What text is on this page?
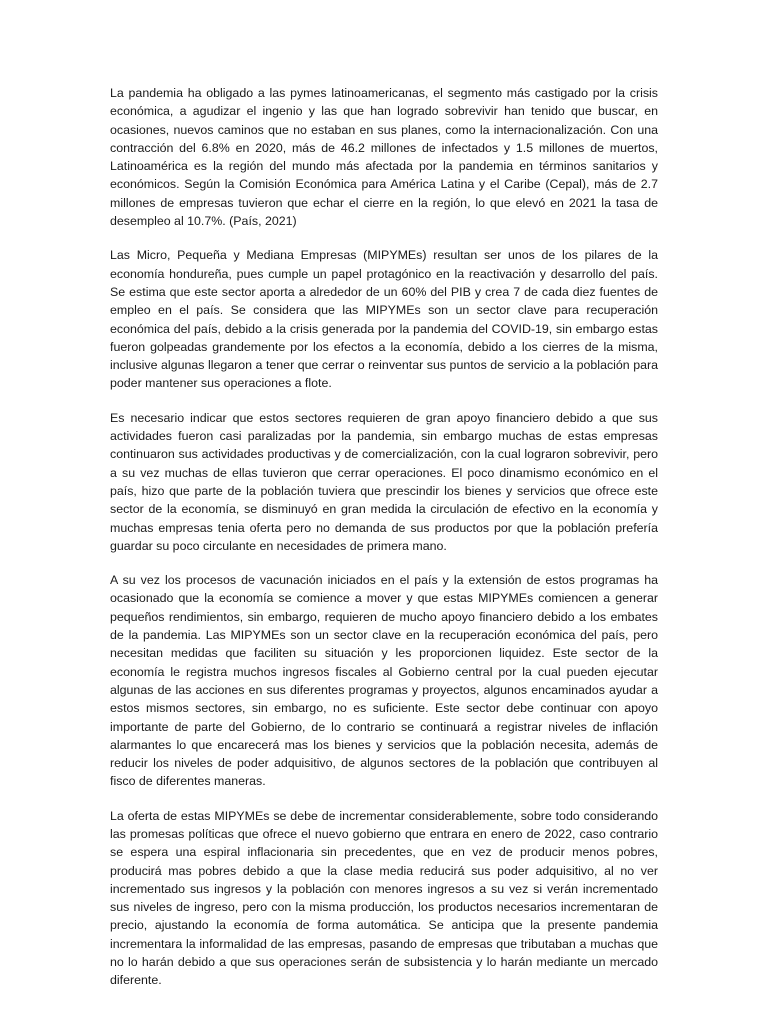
La pandemia ha obligado a las pymes latinoamericanas, el segmento más castigado por la crisis económica, a agudizar el ingenio y las que han logrado sobrevivir han tenido que buscar, en ocasiones, nuevos caminos que no estaban en sus planes, como la internacionalización. Con una contracción del 6.8% en 2020, más de 46.2 millones de infectados y 1.5 millones de muertos, Latinoamérica es la región del mundo más afectada por la pandemia en términos sanitarios y económicos. Según la Comisión Económica para América Latina y el Caribe (Cepal), más de 2.7 millones de empresas tuvieron que echar el cierre en la región, lo que elevó en 2021 la tasa de desempleo al 10.7%. (País, 2021)

Las Micro, Pequeña y Mediana Empresas (MIPYMEs) resultan ser unos de los pilares de la economía hondureña, pues cumple un papel protagónico en la reactivación y desarrollo del país. Se estima que este sector aporta a alrededor de un 60% del PIB y crea 7 de cada diez fuentes de empleo en el país. Se considera que las MIPYMEs son un sector clave para recuperación económica del país, debido a la crisis generada por la pandemia del COVID-19, sin embargo estas fueron golpeadas grandemente por los efectos a la economía, debido a los cierres de la misma, inclusive algunas llegaron a tener que cerrar o reinventar sus puntos de servicio a la población para poder mantener sus operaciones a flote.

Es necesario indicar que estos sectores requieren de gran apoyo financiero debido a que sus actividades fueron casi paralizadas por la pandemia, sin embargo muchas de estas empresas continuaron sus actividades productivas y de comercialización, con la cual lograron sobrevivir, pero a su vez muchas de ellas tuvieron que cerrar operaciones. El poco dinamismo económico en el país, hizo que parte de la población tuviera que prescindir los bienes y servicios que ofrece este sector de la economía, se disminuyó en gran medida la circulación de efectivo en la economía y muchas empresas tenia oferta pero no demanda de sus productos por que la población prefería guardar su poco circulante en necesidades de primera mano.

A su vez los procesos de vacunación iniciados en el país y la extensión de estos programas ha ocasionado que la economía se comience a mover y que estas MIPYMEs comiencen a generar pequeños rendimientos, sin embargo, requieren de mucho apoyo financiero debido a los embates de la pandemia. Las MIPYMEs son un sector clave en la recuperación económica del país, pero necesitan medidas que faciliten su situación y les proporcionen liquidez. Este sector de la economía le registra muchos ingresos fiscales al Gobierno central por la cual pueden ejecutar algunas de las acciones en sus diferentes programas y proyectos, algunos encaminados ayudar a estos mismos sectores, sin embargo, no es suficiente. Este sector debe continuar con apoyo importante de parte del Gobierno, de lo contrario se continuará a registrar niveles de inflación alarmantes lo que encarecerá mas los bienes y servicios que la población necesita, además de reducir los niveles de poder adquisitivo, de algunos sectores de la población que contribuyen al fisco de diferentes maneras.

La oferta de estas MIPYMEs se debe de incrementar considerablemente, sobre todo considerando las promesas políticas que ofrece el nuevo gobierno que entrara en enero de 2022, caso contrario se espera una espiral inflacionaria sin precedentes, que en vez de producir menos pobres, producirá mas pobres debido a que la clase media reducirá sus poder adquisitivo, al no ver incrementado sus ingresos y la población con menores ingresos a su vez si verán incrementado sus niveles de ingreso, pero con la misma producción, los productos necesarios incrementaran de precio, ajustando la economía de forma automática. Se anticipa que la presente pandemia incrementara la informalidad de las empresas, pasando de empresas que tributaban a muchas que no lo harán debido a que sus operaciones serán de subsistencia y lo harán mediante un mercado diferente.
